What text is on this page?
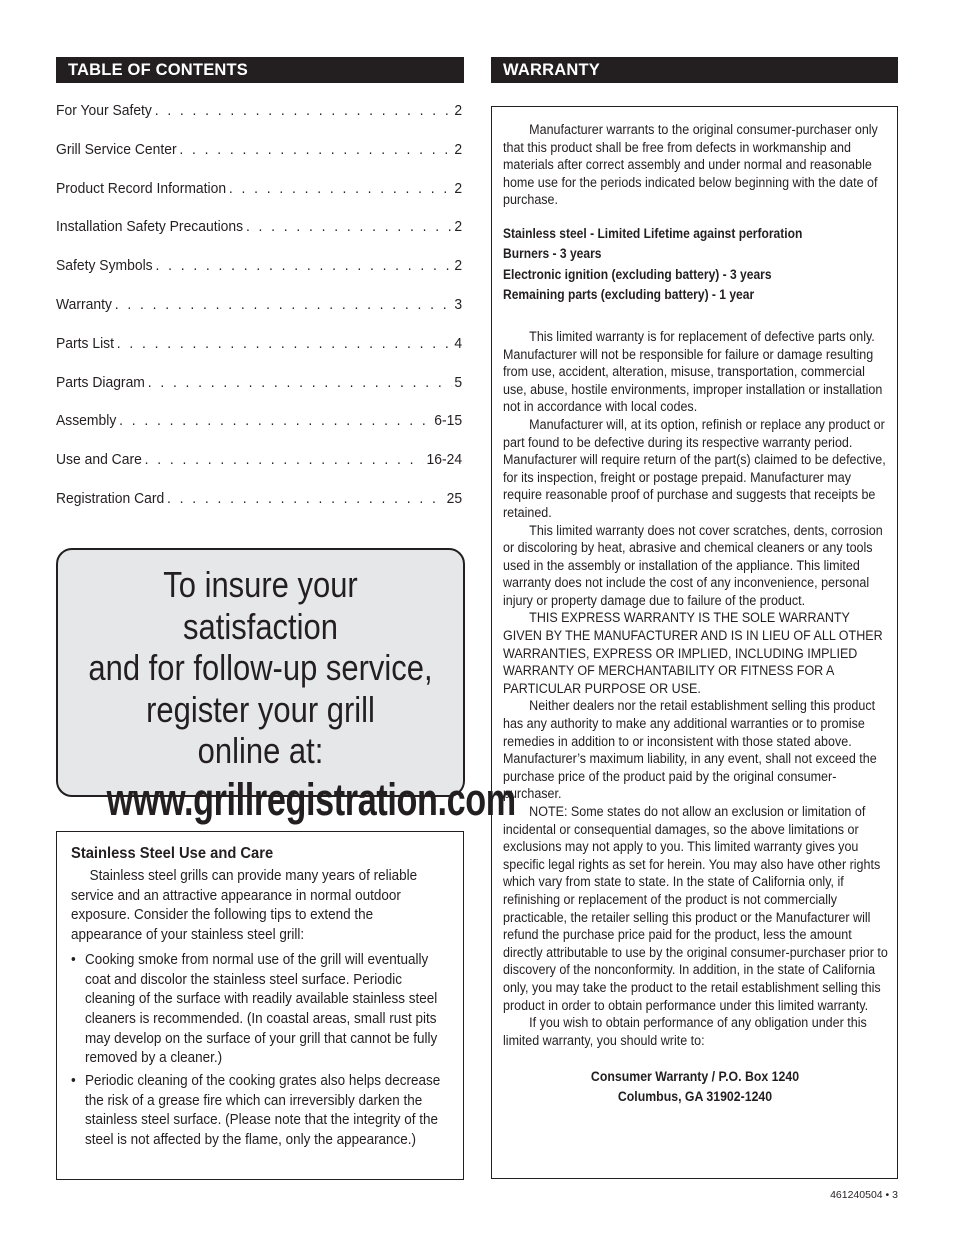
TABLE OF CONTENTS
For Your Safety . . .	2
Grill Service Center . . .	2
Product Record Information . . .	2
Installation Safety Precautions . . .	2
Safety Symbols . . .	2
Warranty . . .	3
Parts List . . .	4
Parts Diagram . . .	5
Assembly . . .	6-15
Use and Care . . .	16-24
Registration Card . . .	25
To insure your satisfaction
and for follow-up service,
register your grill
online at:
www.grillregistration.com
Stainless Steel Use and Care
Stainless steel grills can provide many years of reliable service and an attractive appearance in normal outdoor exposure. Consider the following tips to extend the appearance of your stainless steel grill:
• Cooking smoke from normal use of the grill will eventually coat and discolor the stainless steel surface. Periodic cleaning of the surface with readily available stainless steel cleaners is recommended. (In coastal areas, small rust pits may develop on the surface of your grill that cannot be fully removed by a cleaner.)
• Periodic cleaning of the cooking grates also helps decrease the risk of a grease fire which can irreversibly darken the stainless steel surface. (Please note that the integrity of the steel is not affected by the flame, only the appearance.)
WARRANTY
Manufacturer warrants to the original consumer-purchaser only that this product shall be free from defects in workmanship and materials after correct assembly and under normal and reasonable home use for the periods indicated below beginning with the date of purchase.
Stainless steel - Limited Lifetime against perforation
Burners - 3 years
Electronic ignition (excluding battery) - 3 years
Remaining parts (excluding battery) - 1 year
This limited warranty is for replacement of defective parts only. Manufacturer will not be responsible for failure or damage resulting from use, accident, alteration, misuse, transportation, commercial use, abuse, hostile environments, improper installation or installation not in accordance with local codes.
Manufacturer will, at its option, refinish or replace any product or part found to be defective during its respective warranty period. Manufacturer will require return of the part(s) claimed to be defective, for its inspection, freight or postage prepaid. Manufacturer may require reasonable proof of purchase and suggests that receipts be retained.
This limited warranty does not cover scratches, dents, corrosion or discoloring by heat, abrasive and chemical cleaners or any tools used in the assembly or installation of the appliance. This limited warranty does not include the cost of any inconvenience, personal injury or property damage due to failure of the product.
THIS EXPRESS WARRANTY IS THE SOLE WARRANTY GIVEN BY THE MANUFACTURER AND IS IN LIEU OF ALL OTHER WARRANTIES, EXPRESS OR IMPLIED, INCLUDING IMPLIED WARRANTY OF MERCHANTABILITY OR FITNESS FOR A PARTICULAR PURPOSE OR USE.
Neither dealers nor the retail establishment selling this product has any authority to make any additional warranties or to promise remedies in addition to or inconsistent with those stated above. Manufacturer’s maximum liability, in any event, shall not exceed the purchase price of the product paid by the original consumer-purchaser.
NOTE: Some states do not allow an exclusion or limitation of incidental or consequential damages, so the above limitations or exclusions may not apply to you. This limited warranty gives you specific legal rights as set for herein. You may also have other rights which vary from state to state. In the state of California only, if refinishing or replacement of the product is not commercially practicable, the retailer selling this product or the Manufacturer will refund the purchase price paid for the product, less the amount directly attributable to use by the original consumer-purchaser prior to discovery of the nonconformity. In addition, in the state of California only, you may take the product to the retail establishment selling this product in order to obtain performance under this limited warranty.
If you wish to obtain performance of any obligation under this limited warranty, you should write to:
Consumer Warranty / P.O. Box 1240
Columbus, GA 31902-1240
461240504 • 3
